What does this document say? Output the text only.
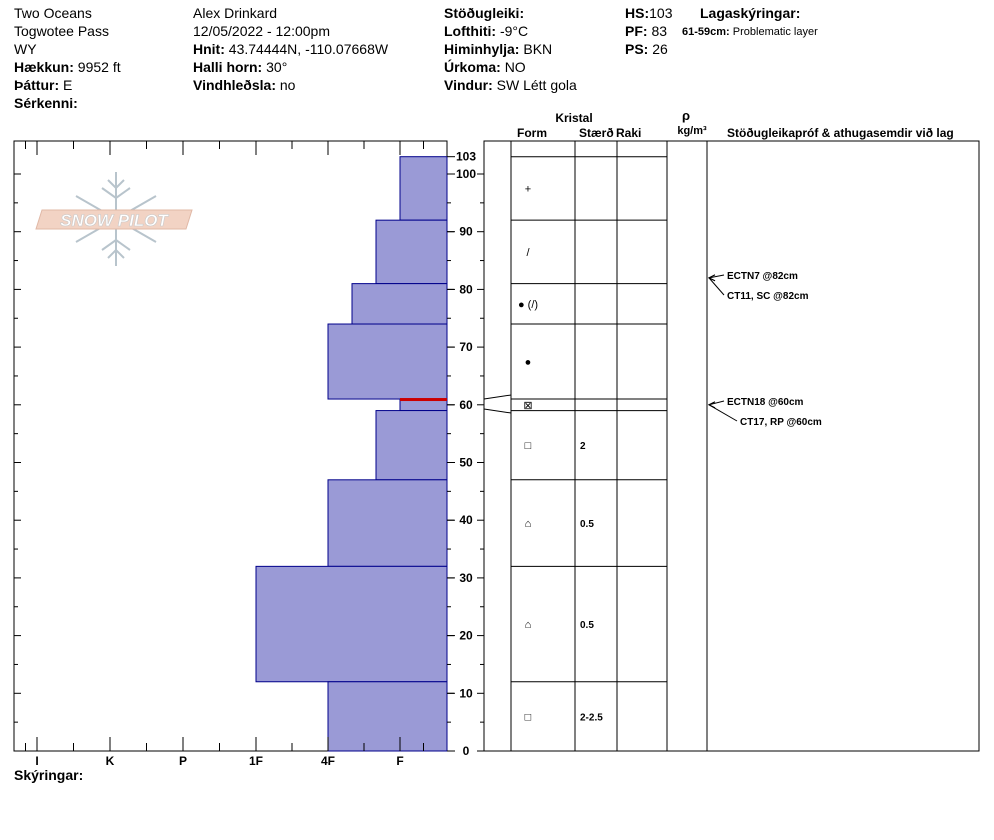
Two Oceans
Togwotee Pass
WY
Hækkun: 9952 ft
Þáttur: E
Sérkenni:
Alex Drinkard
12/05/2022 - 12:00pm
Hnit: 43.74444N, -110.07668W
Halli horn: 30°
Vindhleðsla: no
Stöðugleiki:
Lofthiti: -9°C
Himinhylja: BKN
Úrkoma: NO
Vindur: SW Létt gola
HS:103
PF: 83
PS: 26
Lagaskýringar:
61-59cm: Problematic layer
Skýringar:
SNOW PILOT
I	K	P	1F	4F	F
0
10
20
30
40
50
60
70
80
90
100
103
Kristal
Form	Stærð Raki
ρ
kg/m³ Stöðugleikapróf & athugasemdir við lag
+
/
● (/)
●
⊠
□	2
⌂	0.5
⌂	0.5
□	2-2.5
ECTN7 @82cm
CT11, SC @82cm
ECTN18 @60cm
CT17, RP @60cm
